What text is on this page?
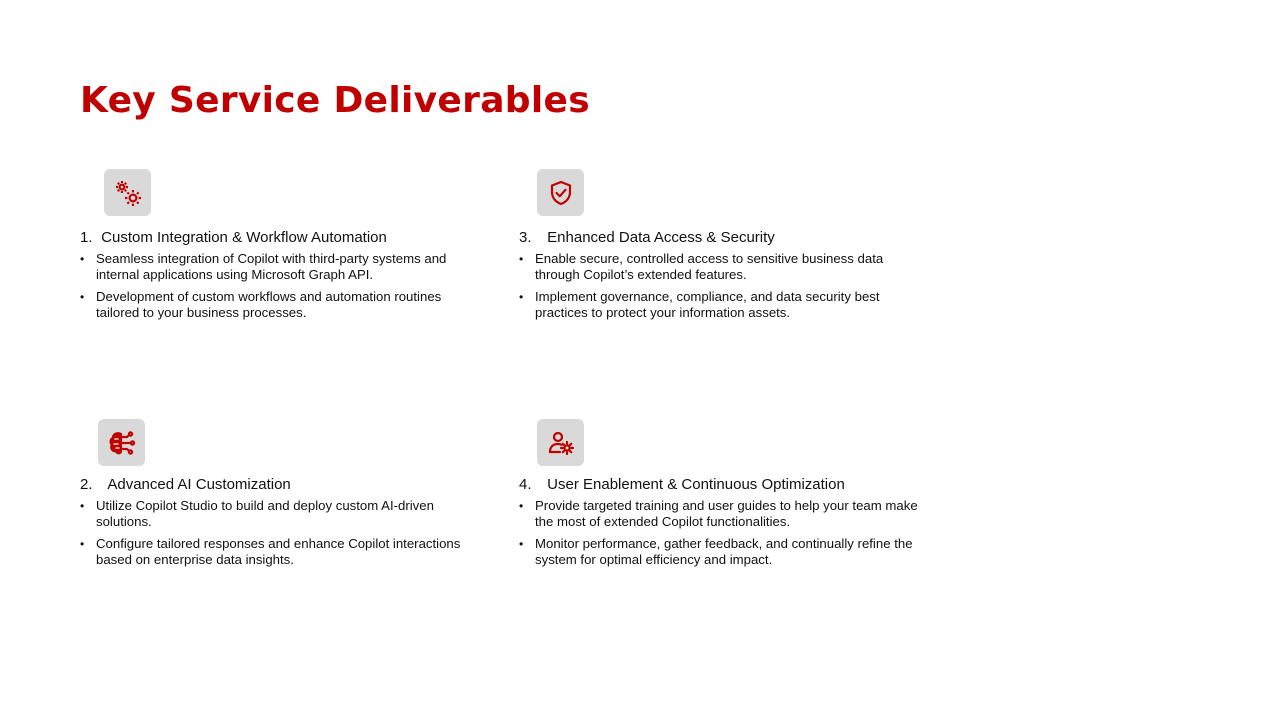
Key Service Deliverables

1. Custom Integration & Workflow Automation

• Seamless integration of Copilot with third-party systems and internal applications using Microsoft Graph API.
• Development of custom workflows and automation routines tailored to your business processes.

2. Advanced AI Customization

• Utilize Copilot Studio to build and deploy custom AI-driven solutions.
• Configure tailored responses and enhance Copilot interactions based on enterprise data insights.

3. Enhanced Data Access & Security

• Enable secure, controlled access to sensitive business data through Copilot’s extended features.
• Implement governance, compliance, and data security best practices to protect your information assets.

4. User Enablement & Continuous Optimization

• Provide targeted training and user guides to help your team make the most of extended Copilot functionalities.
• Monitor performance, gather feedback, and continually refine the system for optimal efficiency and impact.
